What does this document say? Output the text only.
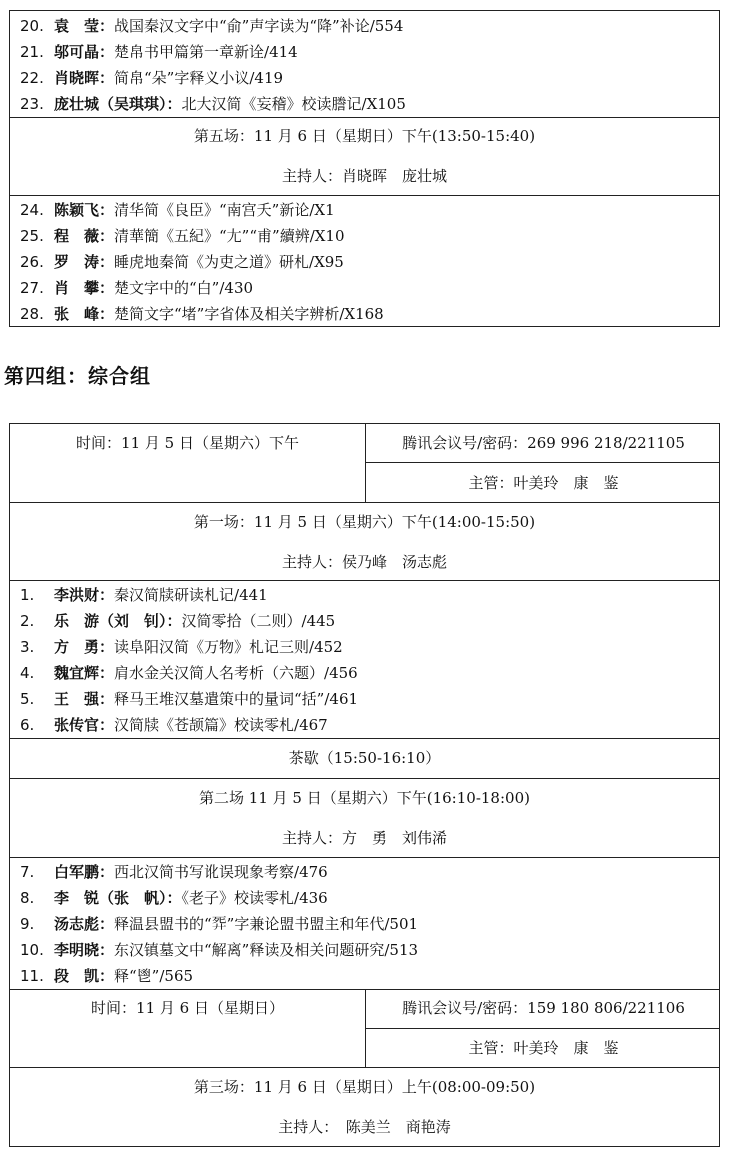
20. 袁　莹：战国秦汉文字中“俞”声字读为“降”补论/554
21. 邬可晶：楚帛书甲篇第一章新诠/414
22. 肖晓晖：简帛“朵”字释义小议/419
23. 庞壮城（吴琪琪）：北大汉简《妄稽》校读謄记/X105
第五场：11 月 6 日（星期日）下午(13:50-15:40)
主持人：肖晓晖　庞壮城
24. 陈颖飞：清华简《良臣》“南宫夭”新论/X1
25. 程　薇：清華簡《五紀》“尢”“甫”續辨/X10
26. 罗　涛：睡虎地秦简《为吏之道》研札/X95
27. 肖　攀：楚文字中的“白”/430
28. 张　峰：楚简文字“堵”字省体及相关字辨析/X168
第四组：综合组
时间：11 月 5 日（星期六）下午	腾讯会议号/密码：269 996 218/221105
主管：叶美玲　康　鉴
第一场：11 月 5 日（星期六）下午(14:00-15:50)
主持人：侯乃峰　汤志彪
1. 李洪财：秦汉简牍研读札记/441
2. 乐　游（刘　钊）：汉简零拾（二则）/445
3. 方　勇：读阜阳汉简《万物》札记三则/452
4. 魏宜辉：肩水金关汉简人名考析（六题）/456
5. 王　强：释马王堆汉墓遣策中的量词“括”/461
6. 张传官：汉简牍《苍颉篇》校读零札/467
茶歇（15:50-16:10）
第二场 11 月 5 日（星期六）下午(16:10-18:00)
主持人：方　勇　刘伟浠
7. 白军鹏：西北汉简书写讹误现象考察/476
8. 李　锐（张　帆）：《老子》校读零札/436
9. 汤志彪：释温县盟书的“𢍈”字兼论盟书盟主和年代/501
10. 李明晓：东汉镇墓文中“解离”释读及相关问题研究/513
11. 段　凯：释“鬯”/565
时间：11 月 6 日（星期日）	腾讯会议号/密码：159 180 806/221106
主管：叶美玲　康　鉴
第三场：11 月 6 日（星期日）上午(08:00-09:50)
主持人：　陈美兰　商艳涛
